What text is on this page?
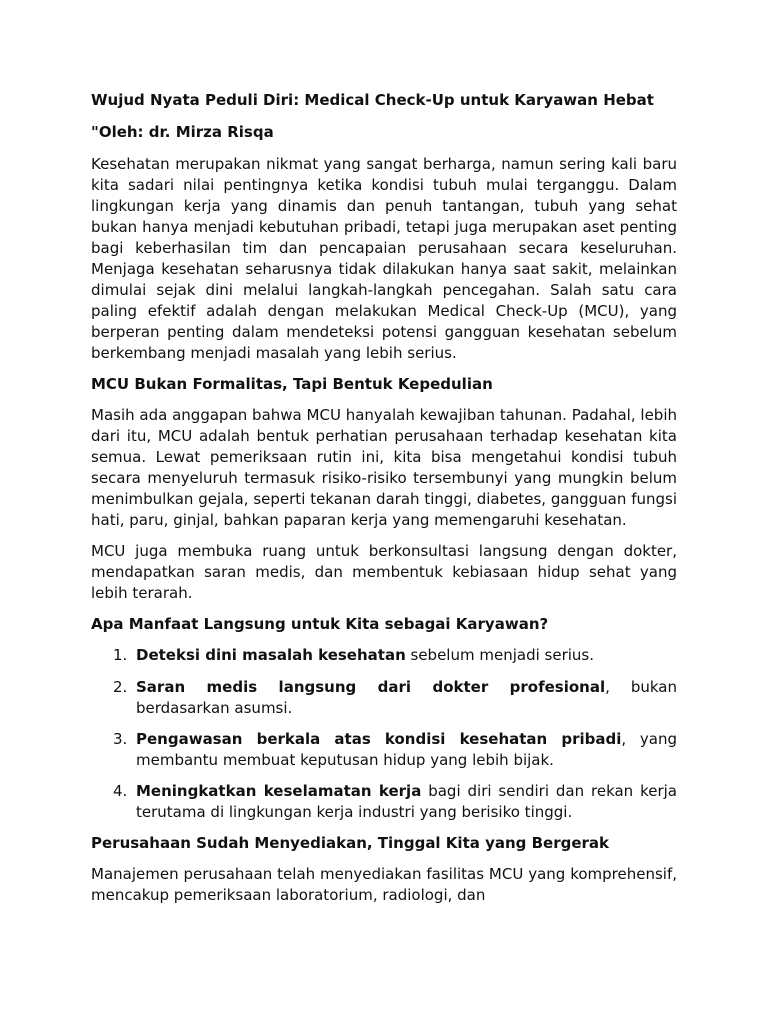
Wujud Nyata Peduli Diri: Medical Check-Up untuk Karyawan Hebat

"Oleh: dr. Mirza Risqa

Kesehatan merupakan nikmat yang sangat berharga, namun sering kali baru kita sadari nilai pentingnya ketika kondisi tubuh mulai terganggu. Dalam lingkungan kerja yang dinamis dan penuh tantangan, tubuh yang sehat bukan hanya menjadi kebutuhan pribadi, tetapi juga merupakan aset penting bagi keberhasilan tim dan pencapaian perusahaan secara keseluruhan. Menjaga kesehatan seharusnya tidak dilakukan hanya saat sakit, melainkan dimulai sejak dini melalui langkah-langkah pencegahan. Salah satu cara paling efektif adalah dengan melakukan Medical Check-Up (MCU), yang berperan penting dalam mendeteksi potensi gangguan kesehatan sebelum berkembang menjadi masalah yang lebih serius.

MCU Bukan Formalitas, Tapi Bentuk Kepedulian

Masih ada anggapan bahwa MCU hanyalah kewajiban tahunan. Padahal, lebih dari itu, MCU adalah bentuk perhatian perusahaan terhadap kesehatan kita semua. Lewat pemeriksaan rutin ini, kita bisa mengetahui kondisi tubuh secara menyeluruh termasuk risiko-risiko tersembunyi yang mungkin belum menimbulkan gejala, seperti tekanan darah tinggi, diabetes, gangguan fungsi hati, paru, ginjal, bahkan paparan kerja yang memengaruhi kesehatan.

MCU juga membuka ruang untuk berkonsultasi langsung dengan dokter, mendapatkan saran medis, dan membentuk kebiasaan hidup sehat yang lebih terarah.

Apa Manfaat Langsung untuk Kita sebagai Karyawan?

1. Deteksi dini masalah kesehatan sebelum menjadi serius.
2. Saran medis langsung dari dokter profesional, bukan berdasarkan asumsi.
3. Pengawasan berkala atas kondisi kesehatan pribadi, yang membantu membuat keputusan hidup yang lebih bijak.
4. Meningkatkan keselamatan kerja bagi diri sendiri dan rekan kerja terutama di lingkungan kerja industri yang berisiko tinggi.

Perusahaan Sudah Menyediakan, Tinggal Kita yang Bergerak

Manajemen perusahaan telah menyediakan fasilitas MCU yang komprehensif, mencakup pemeriksaan laboratorium, radiologi, dan
